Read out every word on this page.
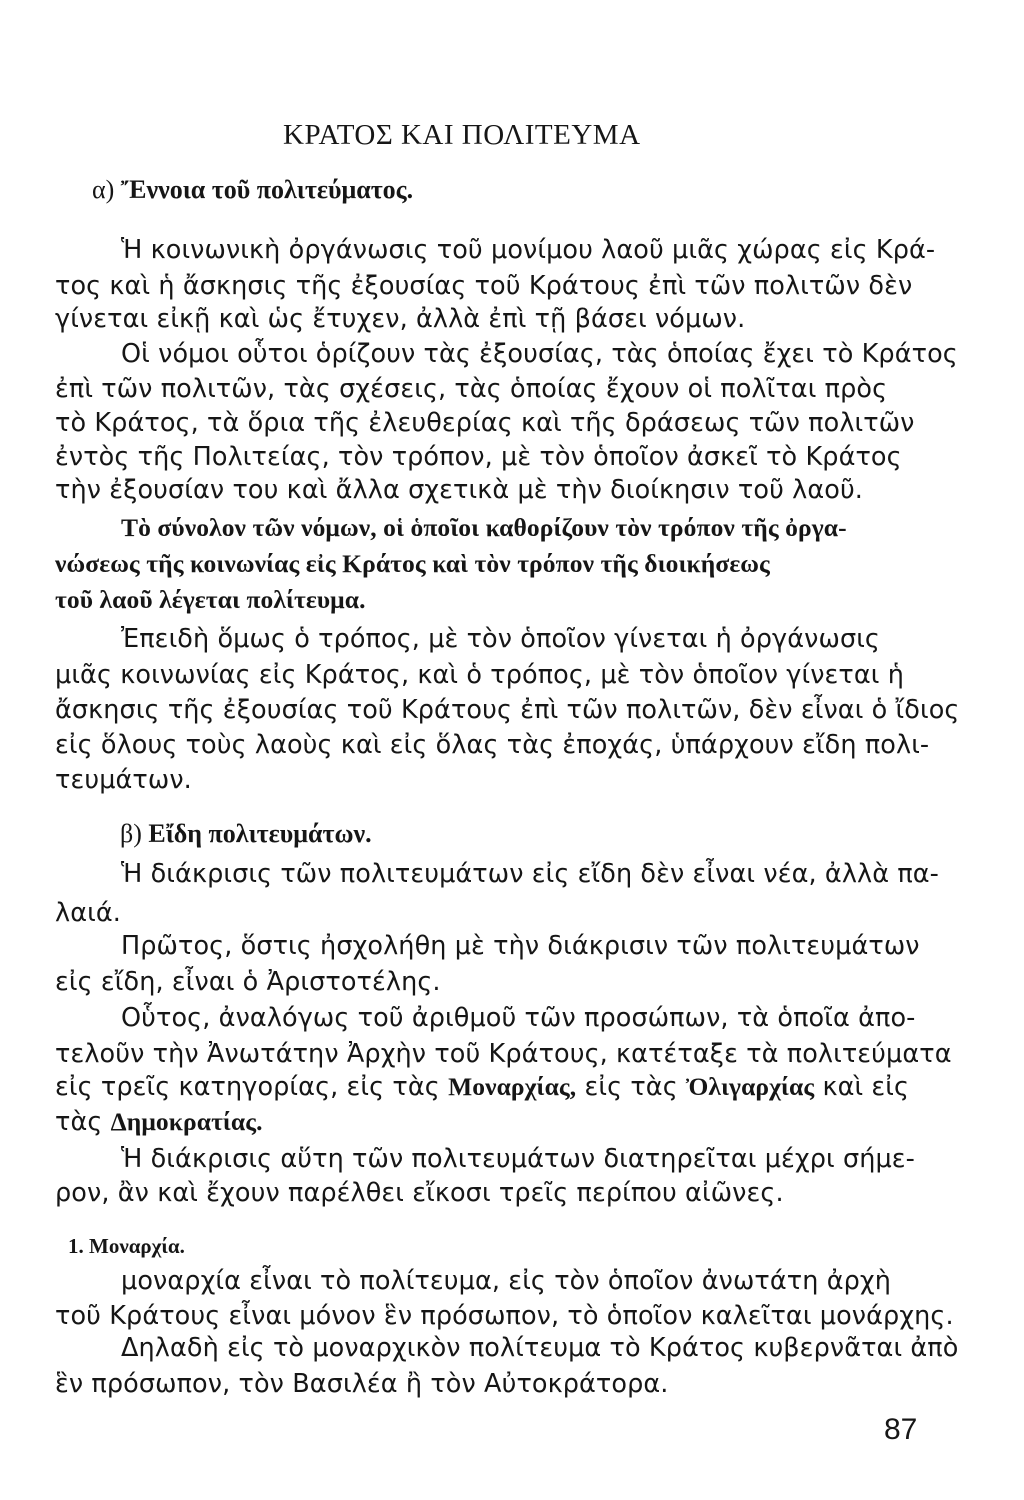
ΚΡΑΤΟΣ ΚΑΙ ΠΟΛΙΤΕΥΜΑ
α) Ἔννοια τοῦ πολιτεύματος.
Ἡ κοινωνικὴ ὀργάνωσις τοῦ μονίμου λαοῦ μιᾶς χώρας εἰς Κρά-
τος καὶ ἡ ἄσκησις τῆς ἐξουσίας τοῦ Κράτους ἐπὶ τῶν πολιτῶν δὲν
γίνεται εἰκῇ καὶ ὡς ἔτυχεν, ἀλλὰ ἐπὶ τῇ βάσει νόμων.
Οἱ νόμοι οὗτοι ὁρίζουν τὰς ἐξουσίας, τὰς ὁποίας ἔχει τὸ Κράτος
ἐπὶ τῶν πολιτῶν, τὰς σχέσεις, τὰς ὁποίας ἔχουν οἱ πολῖται πρὸς
τὸ Κράτος, τὰ ὅρια τῆς ἐλευθερίας καὶ τῆς δράσεως τῶν πολιτῶν
ἐντὸς τῆς Πολιτείας, τὸν τρόπον, μὲ τὸν ὁποῖον ἀσκεῖ τὸ Κράτος
τὴν ἐξουσίαν του καὶ ἄλλα σχετικὰ μὲ τὴν διοίκησιν τοῦ λαοῦ.
Τὸ σύνολον τῶν νόμων, οἱ ὁποῖοι καθορίζουν τὸν τρόπον τῆς ὀργα-
νώσεως τῆς κοινωνίας εἰς Κράτος καὶ τὸν τρόπον τῆς διοικήσεως
τοῦ λαοῦ λέγεται πολίτευμα.
Ἐπειδὴ ὅμως ὁ τρόπος, μὲ τὸν ὁποῖον γίνεται ἡ ὀργάνωσις
μιᾶς κοινωνίας εἰς Κράτος, καὶ ὁ τρόπος, μὲ τὸν ὁποῖον γίνεται ἡ
ἄσκησις τῆς ἐξουσίας τοῦ Κράτους ἐπὶ τῶν πολιτῶν, δὲν εἶναι ὁ ἴδιος
εἰς ὅλους τοὺς λαοὺς καὶ εἰς ὅλας τὰς ἐποχάς, ὑπάρχουν εἴδη πολι-
τευμάτων.
β) Εἴδη πολιτευμάτων.
Ἡ διάκρισις τῶν πολιτευμάτων εἰς εἴδη δὲν εἶναι νέα, ἀλλὰ πα-
λαιά.
Πρῶτος, ὅστις ἠσχολήθη μὲ τὴν διάκρισιν τῶν πολιτευμάτων
εἰς εἴδη, εἶναι ὁ Ἀριστοτέλης.
Οὗτος, ἀναλόγως τοῦ ἀριθμοῦ τῶν προσώπων, τὰ ὁποῖα ἀπο-
τελοῦν τὴν Ἀνωτάτην Ἀρχὴν τοῦ Κράτους, κατέταξε τὰ πολιτεύματα
εἰς τρεῖς κατηγορίας, εἰς τὰς Μοναρχίας, εἰς τὰς Ὀλιγαρχίας καὶ εἰς
τὰς Δημοκρατίας.
Ἡ διάκρισις αὕτη τῶν πολιτευμάτων διατηρεῖται μέχρι σήμε-
ρον, ἂν καὶ ἔχουν παρέλθει εἴκοσι τρεῖς περίπου αἰῶνες.
1. Μοναρχία.
μοναρχία εἶναι τὸ πολίτευμα, εἰς τὸν ὁποῖον ἀνωτάτη ἀρχὴ
τοῦ Κράτους εἶναι μόνον ἓν πρόσωπον, τὸ ὁποῖον καλεῖται μονάρχης.
Δηλαδὴ εἰς τὸ μοναρχικὸν πολίτευμα τὸ Κράτος κυβερνᾶται ἀπὸ
ἓν πρόσωπον, τὸν Βασιλέα ἢ τὸν Αὐτοκράτορα.
87
